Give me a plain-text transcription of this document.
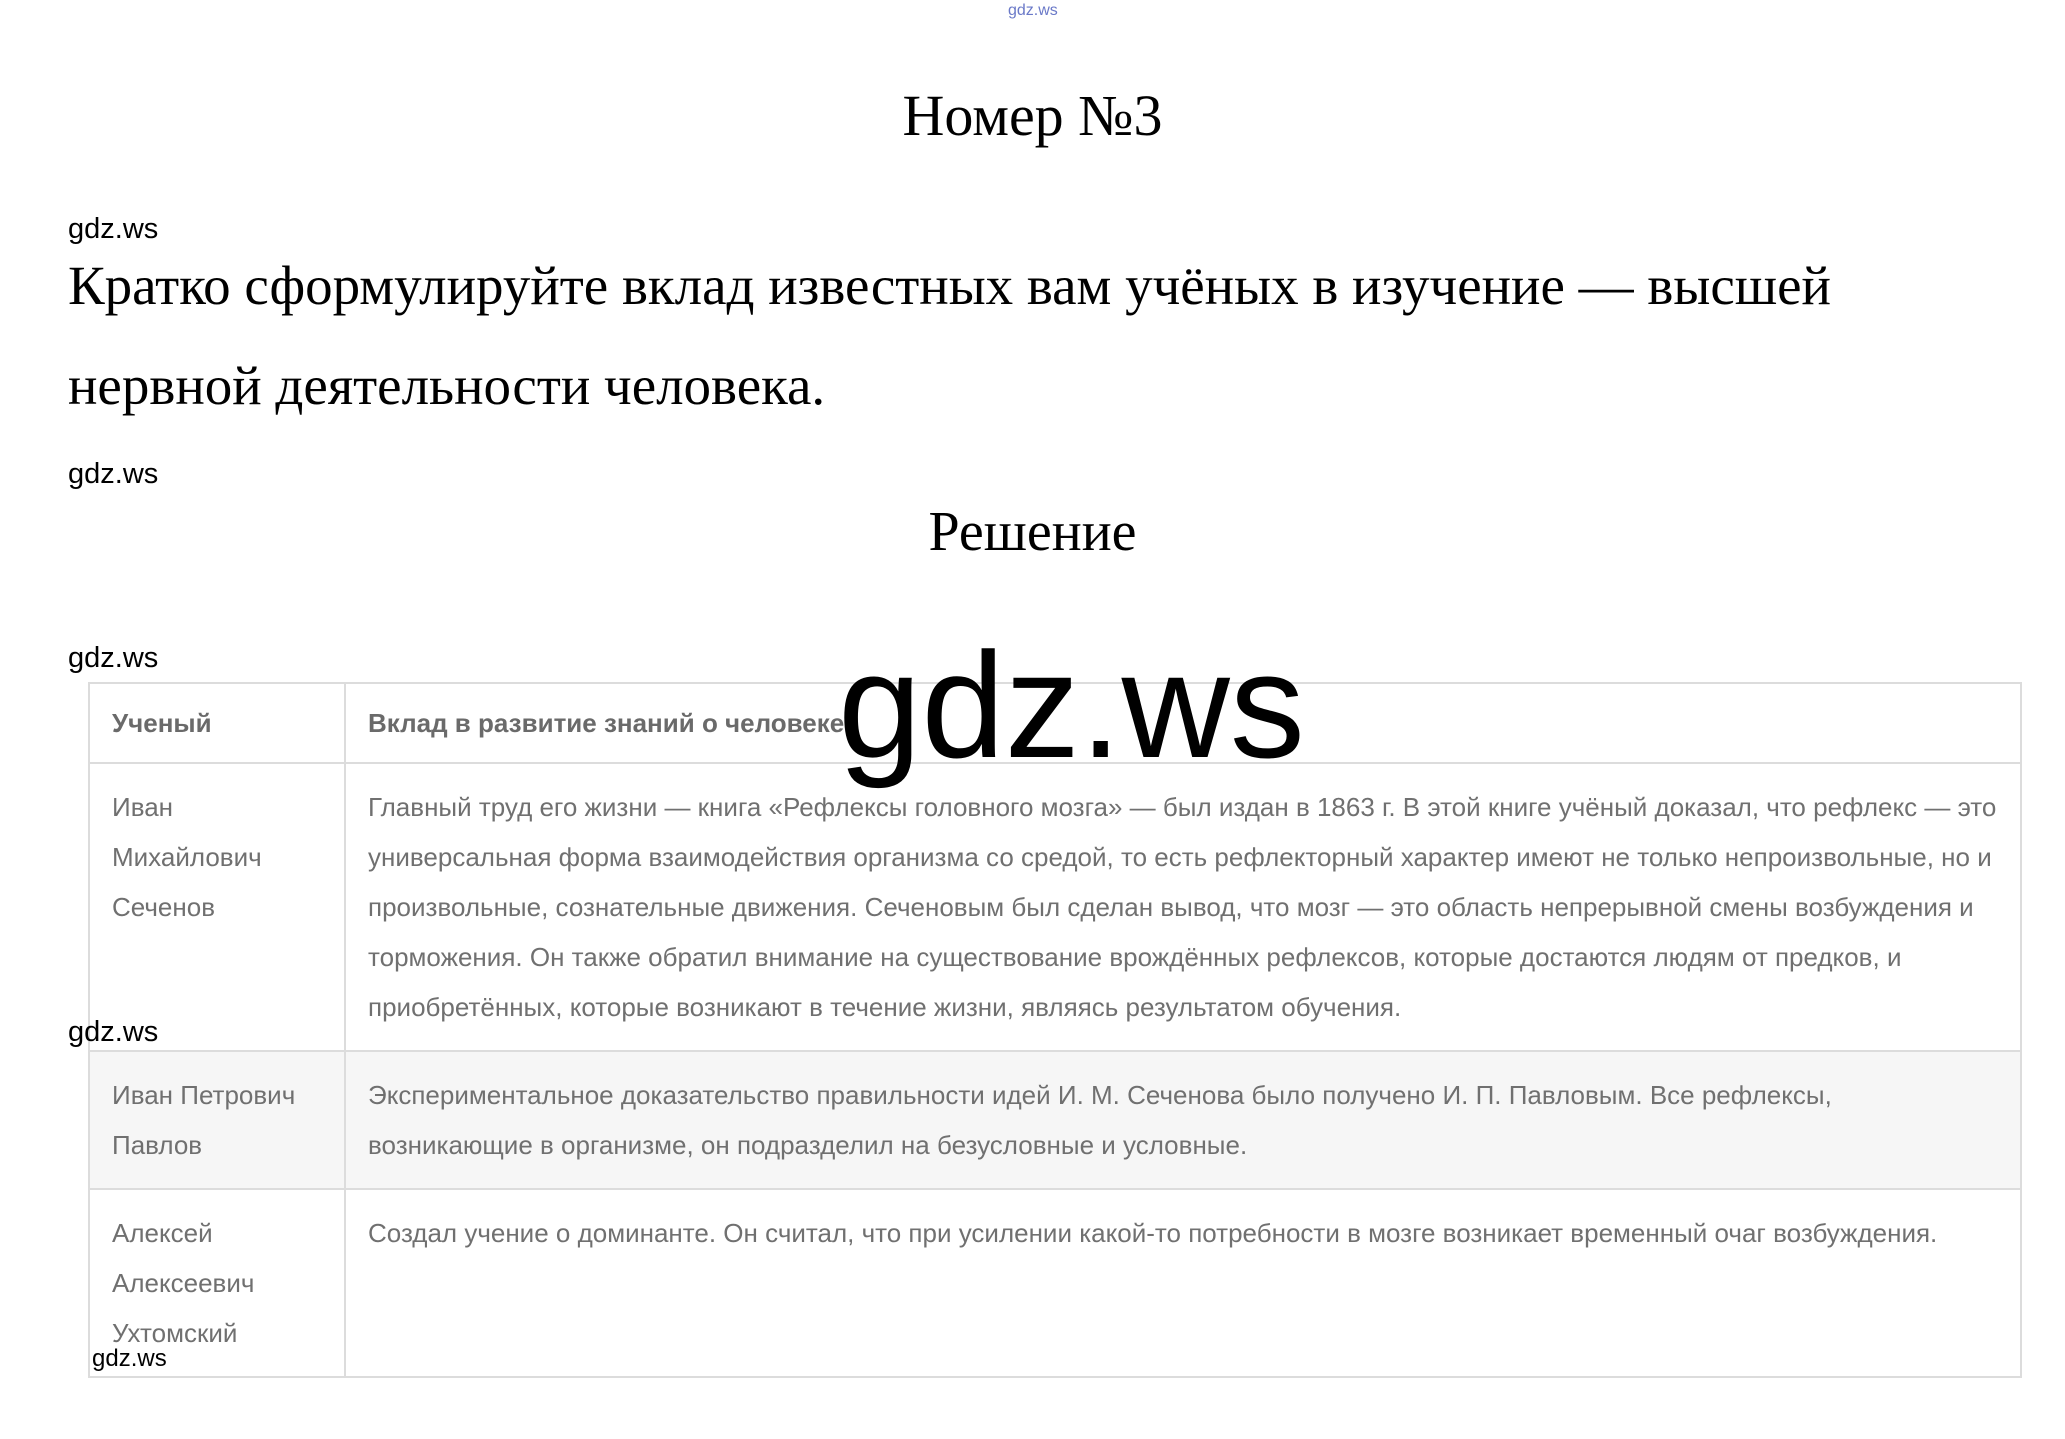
gdz.ws
Номер №3
gdz.ws
Кратко сформулируйте вклад известных вам учёных в изучение — высшей нервной деятельности человека.
gdz.ws
Решение
gdz.ws	gdz.ws
Ученый	Вклад в развитие знаний о человеке
Иван Михайлович Сеченов	Главный труд его жизни — книга «Рефлексы головного мозга» — был издан в 1863 г. В этой книге учёный доказал, что рефлекс — это универсальная форма взаимодействия организма со средой, то есть рефлекторный характер имеют не только непроизвольные, но и произвольные, сознательные движения. Сеченовым был сделан вывод, что мозг — это область непрерывной смены возбуждения и торможения. Он также обратил внимание на существование врождённых рефлексов, которые достаются людям от предков, и приобретённых, которые возникают в течение жизни, являясь результатом обучения.
Иван Петрович Павлов	Экспериментальное доказательство правильности идей И. М. Сеченова было получено И. П. Павловым. Все рефлексы, возникающие в организме, он подразделил на безусловные и условные.
Алексей Алексеевич Ухтомский	Создал учение о доминанте. Он считал, что при усилении какой-то потребности в мозге возникает временный очаг возбуждения.
gdz.ws
gdz.ws
